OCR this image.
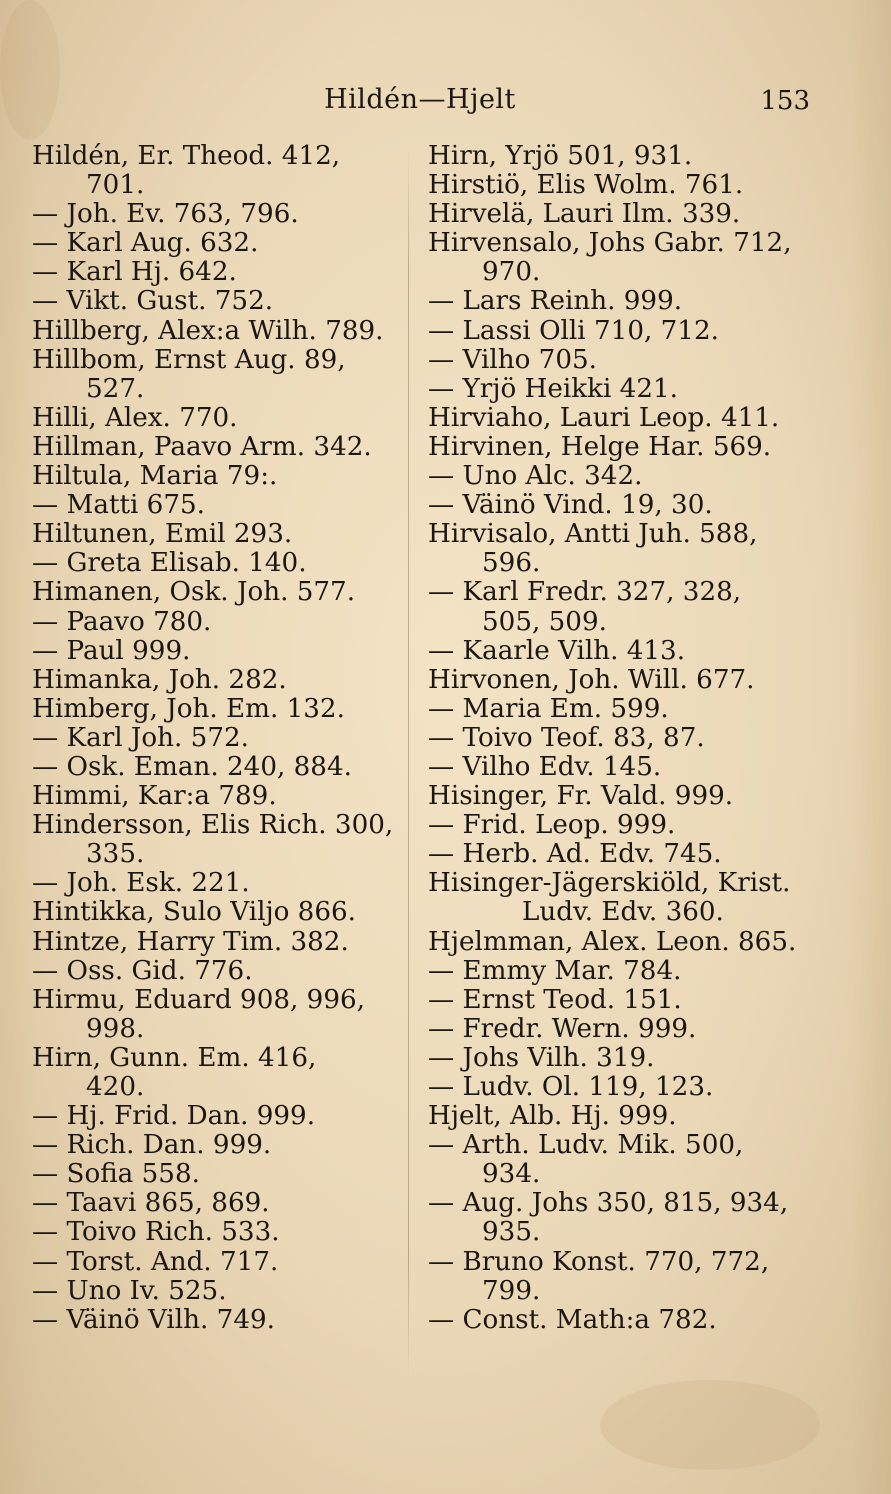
Hildén—Hjelt	153
Hildén, Er. Theod. 412,
701.
— Joh. Ev. 763, 796.
— Karl Aug. 632.
— Karl Hj. 642.
— Vikt. Gust. 752.
Hillberg, Alex:a Wilh. 789.
Hillbom, Ernst Aug. 89,
527.
Hilli, Alex. 770.
Hillman, Paavo Arm. 342.
Hiltula, Maria 79:.
— Matti 675.
Hiltunen, Emil 293.
— Greta Elisab. 140.
Himanen, Osk. Joh. 577.
— Paavo 780.
— Paul 999.
Himanka, Joh. 282.
Himberg, Joh. Em. 132.
— Karl Joh. 572.
— Osk. Eman. 240, 884.
Himmi, Kar:a 789.
Hindersson, Elis Rich. 300,
335.
— Joh. Esk. 221.
Hintikka, Sulo Viljo 866.
Hintze, Harry Tim. 382.
— Oss. Gid. 776.
Hirmu, Eduard 908, 996,
998.
Hirn, Gunn. Em. 416,
420.
— Hj. Frid. Dan. 999.
— Rich. Dan. 999.
— Sofia 558.
— Taavi 865, 869.
— Toivo Rich. 533.
— Torst. And. 717.
— Uno Iv. 525.
— Väinö Vilh. 749.
Hirn, Yrjö 501, 931.
Hirstiö, Elis Wolm. 761.
Hirvelä, Lauri Ilm. 339.
Hirvensalo, Johs Gabr. 712,
970.
— Lars Reinh. 999.
— Lassi Olli 710, 712.
— Vilho 705.
— Yrjö Heikki 421.
Hirviaho, Lauri Leop. 411.
Hirvinen, Helge Har. 569.
— Uno Alc. 342.
— Väinö Vind. 19, 30.
Hirvisalo, Antti Juh. 588,
596.
— Karl Fredr. 327, 328,
505, 509.
— Kaarle Vilh. 413.
Hirvonen, Joh. Will. 677.
— Maria Em. 599.
— Toivo Teof. 83, 87.
— Vilho Edv. 145.
Hisinger, Fr. Vald. 999.
— Frid. Leop. 999.
— Herb. Ad. Edv. 745.
Hisinger-Jägerskiöld, Krist.
Ludv. Edv. 360.
Hjelmman, Alex. Leon. 865.
— Emmy Mar. 784.
— Ernst Teod. 151.
— Fredr. Wern. 999.
— Johs Vilh. 319.
— Ludv. Ol. 119, 123.
Hjelt, Alb. Hj. 999.
— Arth. Ludv. Mik. 500,
934.
— Aug. Johs 350, 815, 934,
935.
— Bruno Konst. 770, 772,
799.
— Const. Math:a 782.
